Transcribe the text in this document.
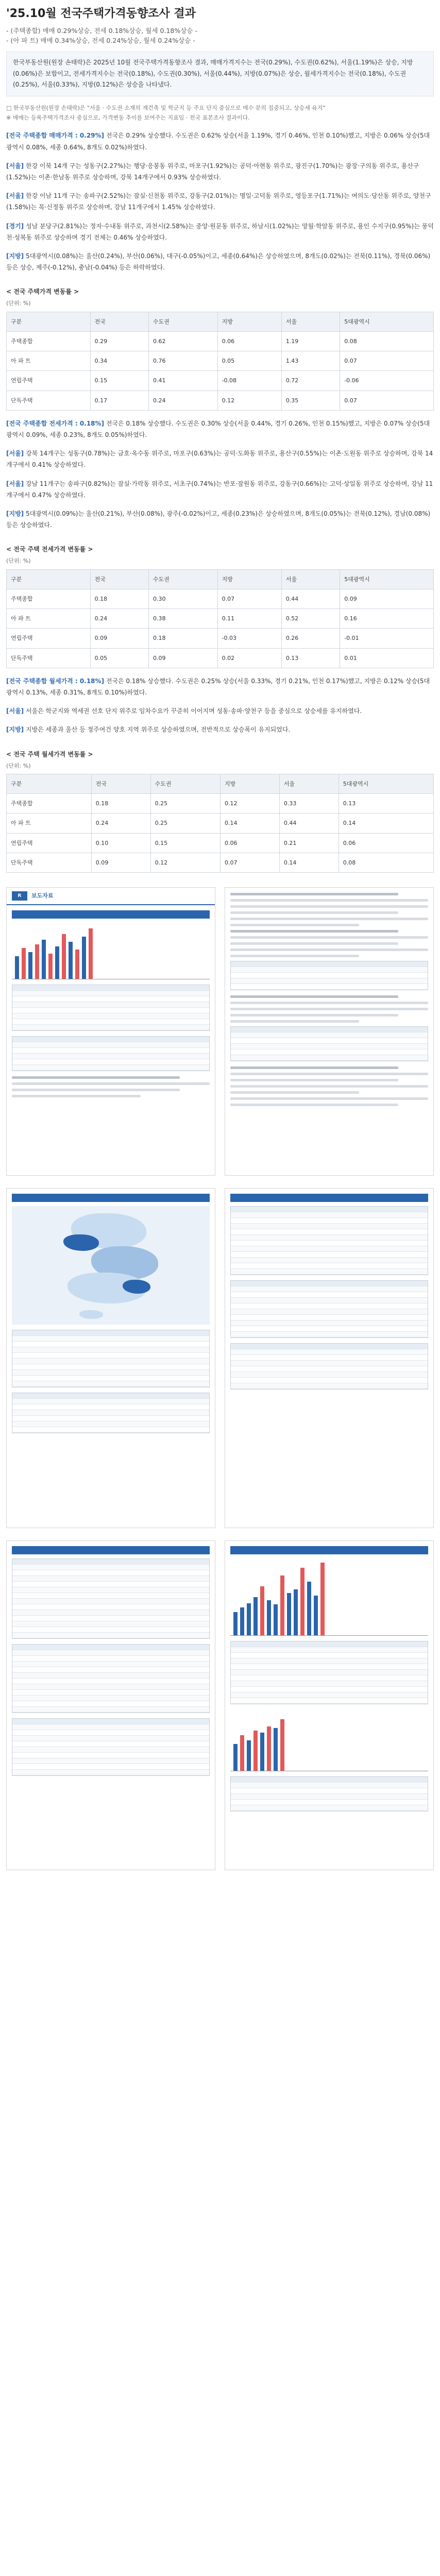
'25.10월 전국주택가격동향조사 결과
- (주택종합) 매매 0.29%상승, 전세 0.18%상승, 월세 0.18%상승 -
- (아 파 트) 매매 0.34%상승, 전세 0.24%상승, 월세 0.24%상승 -
한국부동산원(원장 손태락)은 2025년 10월 전국주택가격동향조사 결과, 매매가격지수는 전국(0.29%), 수도권(0.62%), 서울(1.19%)은 상승, 지방(0.06%)은 보합이고, 전세가격지수는 전국(0.18%), 수도권(0.30%), 서울(0.44%), 지방(0.07%)은 상승, 월세가격지수는 전국(0.18%), 수도권(0.25%), 서울(0.33%), 지방(0.12%)은 상승을 나타냈다.
□ 한국부동산원(원장 손태락)은 "서울 · 수도권 소재의 재건축 및 학군지 등 주요 단지 중심으로 매수 문의 집중되고, 상승세 유지"
※ 매매는 등록주택가격조사 중심으로, 가격변동 추이를 보여주는 지표임 · 전국 표본조사 결과이다.
[전국 주택종합 매매가격 : 0.29%] 전국은 0.29% 상승했다. 수도권은 0.62% 상승(서울 1.19%, 경기 0.46%, 인천 0.10%)했고, 지방은 0.06% 상승(5대광역시 0.08%, 세종 0.64%, 8개도 0.02%)하였다.
[서울] 한강 이북 14개 구는 성동구(2.27%)는 행당·응봉동 위주로, 마포구(1.92%)는 공덕·아현동 위주로, 광진구(1.70%)는 광장·구의동 위주로, 용산구(1.52%)는 이촌·한남동 위주로 상승하며, 강북 14개구에서 0.93% 상승하였다.
[서울] 한강 이남 11개 구는 송파구(2.52%)는 잠실·신천동 위주로, 강동구(2.01%)는 명일·고덕동 위주로, 영등포구(1.71%)는 여의도·당산동 위주로, 양천구(1.58%)는 목·신정동 위주로 상승하며, 강남 11개구에서 1.45% 상승하였다.
[경기] 성남 분당구(2.81%)는 정자·수내동 위주로, 과천시(2.58%)는 중앙·원문동 위주로, 하남시(1.02%)는 망월·학암동 위주로, 용인 수지구(0.95%)는 풍덕천·성복동 위주로 상승하며 경기 전체는 0.46% 상승하였다.
[지방] 5대광역시(0.08%)는 울산(0.24%), 부산(0.06%), 대구(-0.05%)이고, 세종(0.64%)은 상승하였으며, 8개도(0.02%)는 전북(0.11%), 경북(0.06%) 등은 상승, 제주(-0.12%), 충남(-0.04%) 등은 하락하였다.
< 전국 주택가격 변동률 >
(단위: %)
구분	전국	수도권	지방	서울	5대광역시
주택종합	0.29	0.62	0.06	1.19	0.08
아 파 트	0.34	0.76	0.05	1.43	0.07
연립주택	0.15	0.41	-0.08	0.72	-0.06
단독주택	0.17	0.24	0.12	0.35	0.07
[전국 주택종합 전세가격 : 0.18%] 전국은 0.18% 상승했다. 수도권은 0.30% 상승(서울 0.44%, 경기 0.26%, 인천 0.15%)했고, 지방은 0.07% 상승(5대광역시 0.09%, 세종 0.23%, 8개도 0.05%)하였다.
[서울] 강북 14개구는 성동구(0.78%)는 금호·옥수동 위주로, 마포구(0.63%)는 공덕·도화동 위주로, 용산구(0.55%)는 이촌·도원동 위주로 상승하며, 강북 14개구에서 0.41% 상승하였다.
[서울] 강남 11개구는 송파구(0.82%)는 잠실·가락동 위주로, 서초구(0.74%)는 반포·잠원동 위주로, 강동구(0.66%)는 고덕·상일동 위주로 상승하며, 강남 11개구에서 0.47% 상승하였다.
[지방] 5대광역시(0.09%)는 울산(0.21%), 부산(0.08%), 광주(-0.02%)이고, 세종(0.23%)은 상승하였으며, 8개도(0.05%)는 전북(0.12%), 경남(0.08%) 등은 상승하였다.
< 전국 주택 전세가격 변동률 >
(단위: %)
구분	전국	수도권	지방	서울	5대광역시
주택종합	0.18	0.30	0.07	0.44	0.09
아 파 트	0.24	0.38	0.11	0.52	0.16
연립주택	0.09	0.18	-0.03	0.26	-0.01
단독주택	0.05	0.09	0.02	0.13	0.01
[전국 주택종합 월세가격 : 0.18%] 전국은 0.18% 상승했다. 수도권은 0.25% 상승(서울 0.33%, 경기 0.21%, 인천 0.17%)했고, 지방은 0.12% 상승(5대광역시 0.13%, 세종 0.31%, 8개도 0.10%)하였다.
[서울] 서울은 학군지와 역세권 선호 단지 위주로 임차수요가 꾸준히 이어지며 성동·송파·양천구 등을 중심으로 상승세를 유지하였다.
[지방] 지방은 세종과 울산 등 정주여건 양호 지역 위주로 상승하였으며, 전반적으로 상승폭이 유지되었다.
< 전국 주택 월세가격 변동률 >
(단위: %)
구분	전국	수도권	지방	서울	5대광역시
주택종합	0.18	0.25	0.12	0.33	0.13
아 파 트	0.24	0.25	0.14	0.44	0.14
연립주택	0.10	0.15	0.06	0.21	0.06
단독주택	0.09	0.12	0.07	0.14	0.08
R	보도자료
